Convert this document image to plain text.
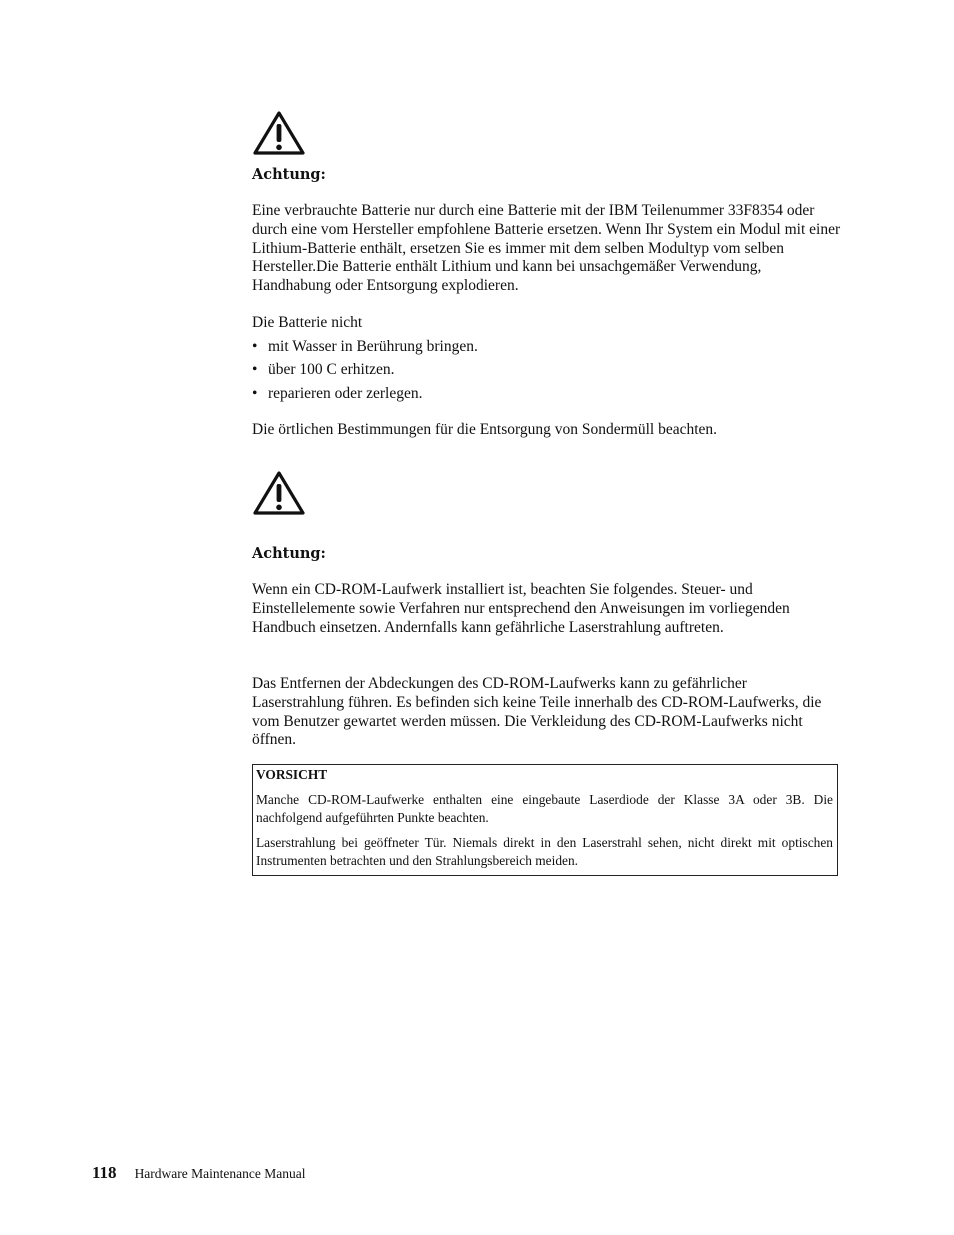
Achtung:
Eine verbrauchte Batterie nur durch eine Batterie mit der IBM Teilenummer 33F8354 oder durch eine vom Hersteller empfohlene Batterie ersetzen. Wenn Ihr System ein Modul mit einer Lithium-Batterie enthält, ersetzen Sie es immer mit dem selben Modultyp vom selben Hersteller.Die Batterie enthält Lithium und kann bei unsachgemäßer Verwendung, Handhabung oder Entsorgung explodieren.
Die Batterie nicht
• mit Wasser in Berührung bringen.
• über 100 C erhitzen.
• reparieren oder zerlegen.
Die örtlichen Bestimmungen für die Entsorgung von Sondermüll beachten.
Achtung:
Wenn ein CD-ROM-Laufwerk installiert ist, beachten Sie folgendes. Steuer- und Einstellelemente sowie Verfahren nur entsprechend den Anweisungen im vorliegenden Handbuch einsetzen. Andernfalls kann gefährliche Laserstrahlung auftreten.
Das Entfernen der Abdeckungen des CD-ROM-Laufwerks kann zu gefährlicher Laserstrahlung führen. Es befinden sich keine Teile innerhalb des CD-ROM-Laufwerks, die vom Benutzer gewartet werden müssen. Die Verkleidung des CD-ROM-Laufwerks nicht öffnen.
VORSICHT

Manche CD-ROM-Laufwerke enthalten eine eingebaute Laserdiode der Klasse 3A oder 3B. Die nachfolgend aufgeführten Punkte beachten.

Laserstrahlung bei geöffneter Tür. Niemals direkt in den Laserstrahl sehen, nicht direkt mit optischen Instrumenten betrachten und den Strahlungsbereich meiden.

118 Hardware Maintenance Manual
